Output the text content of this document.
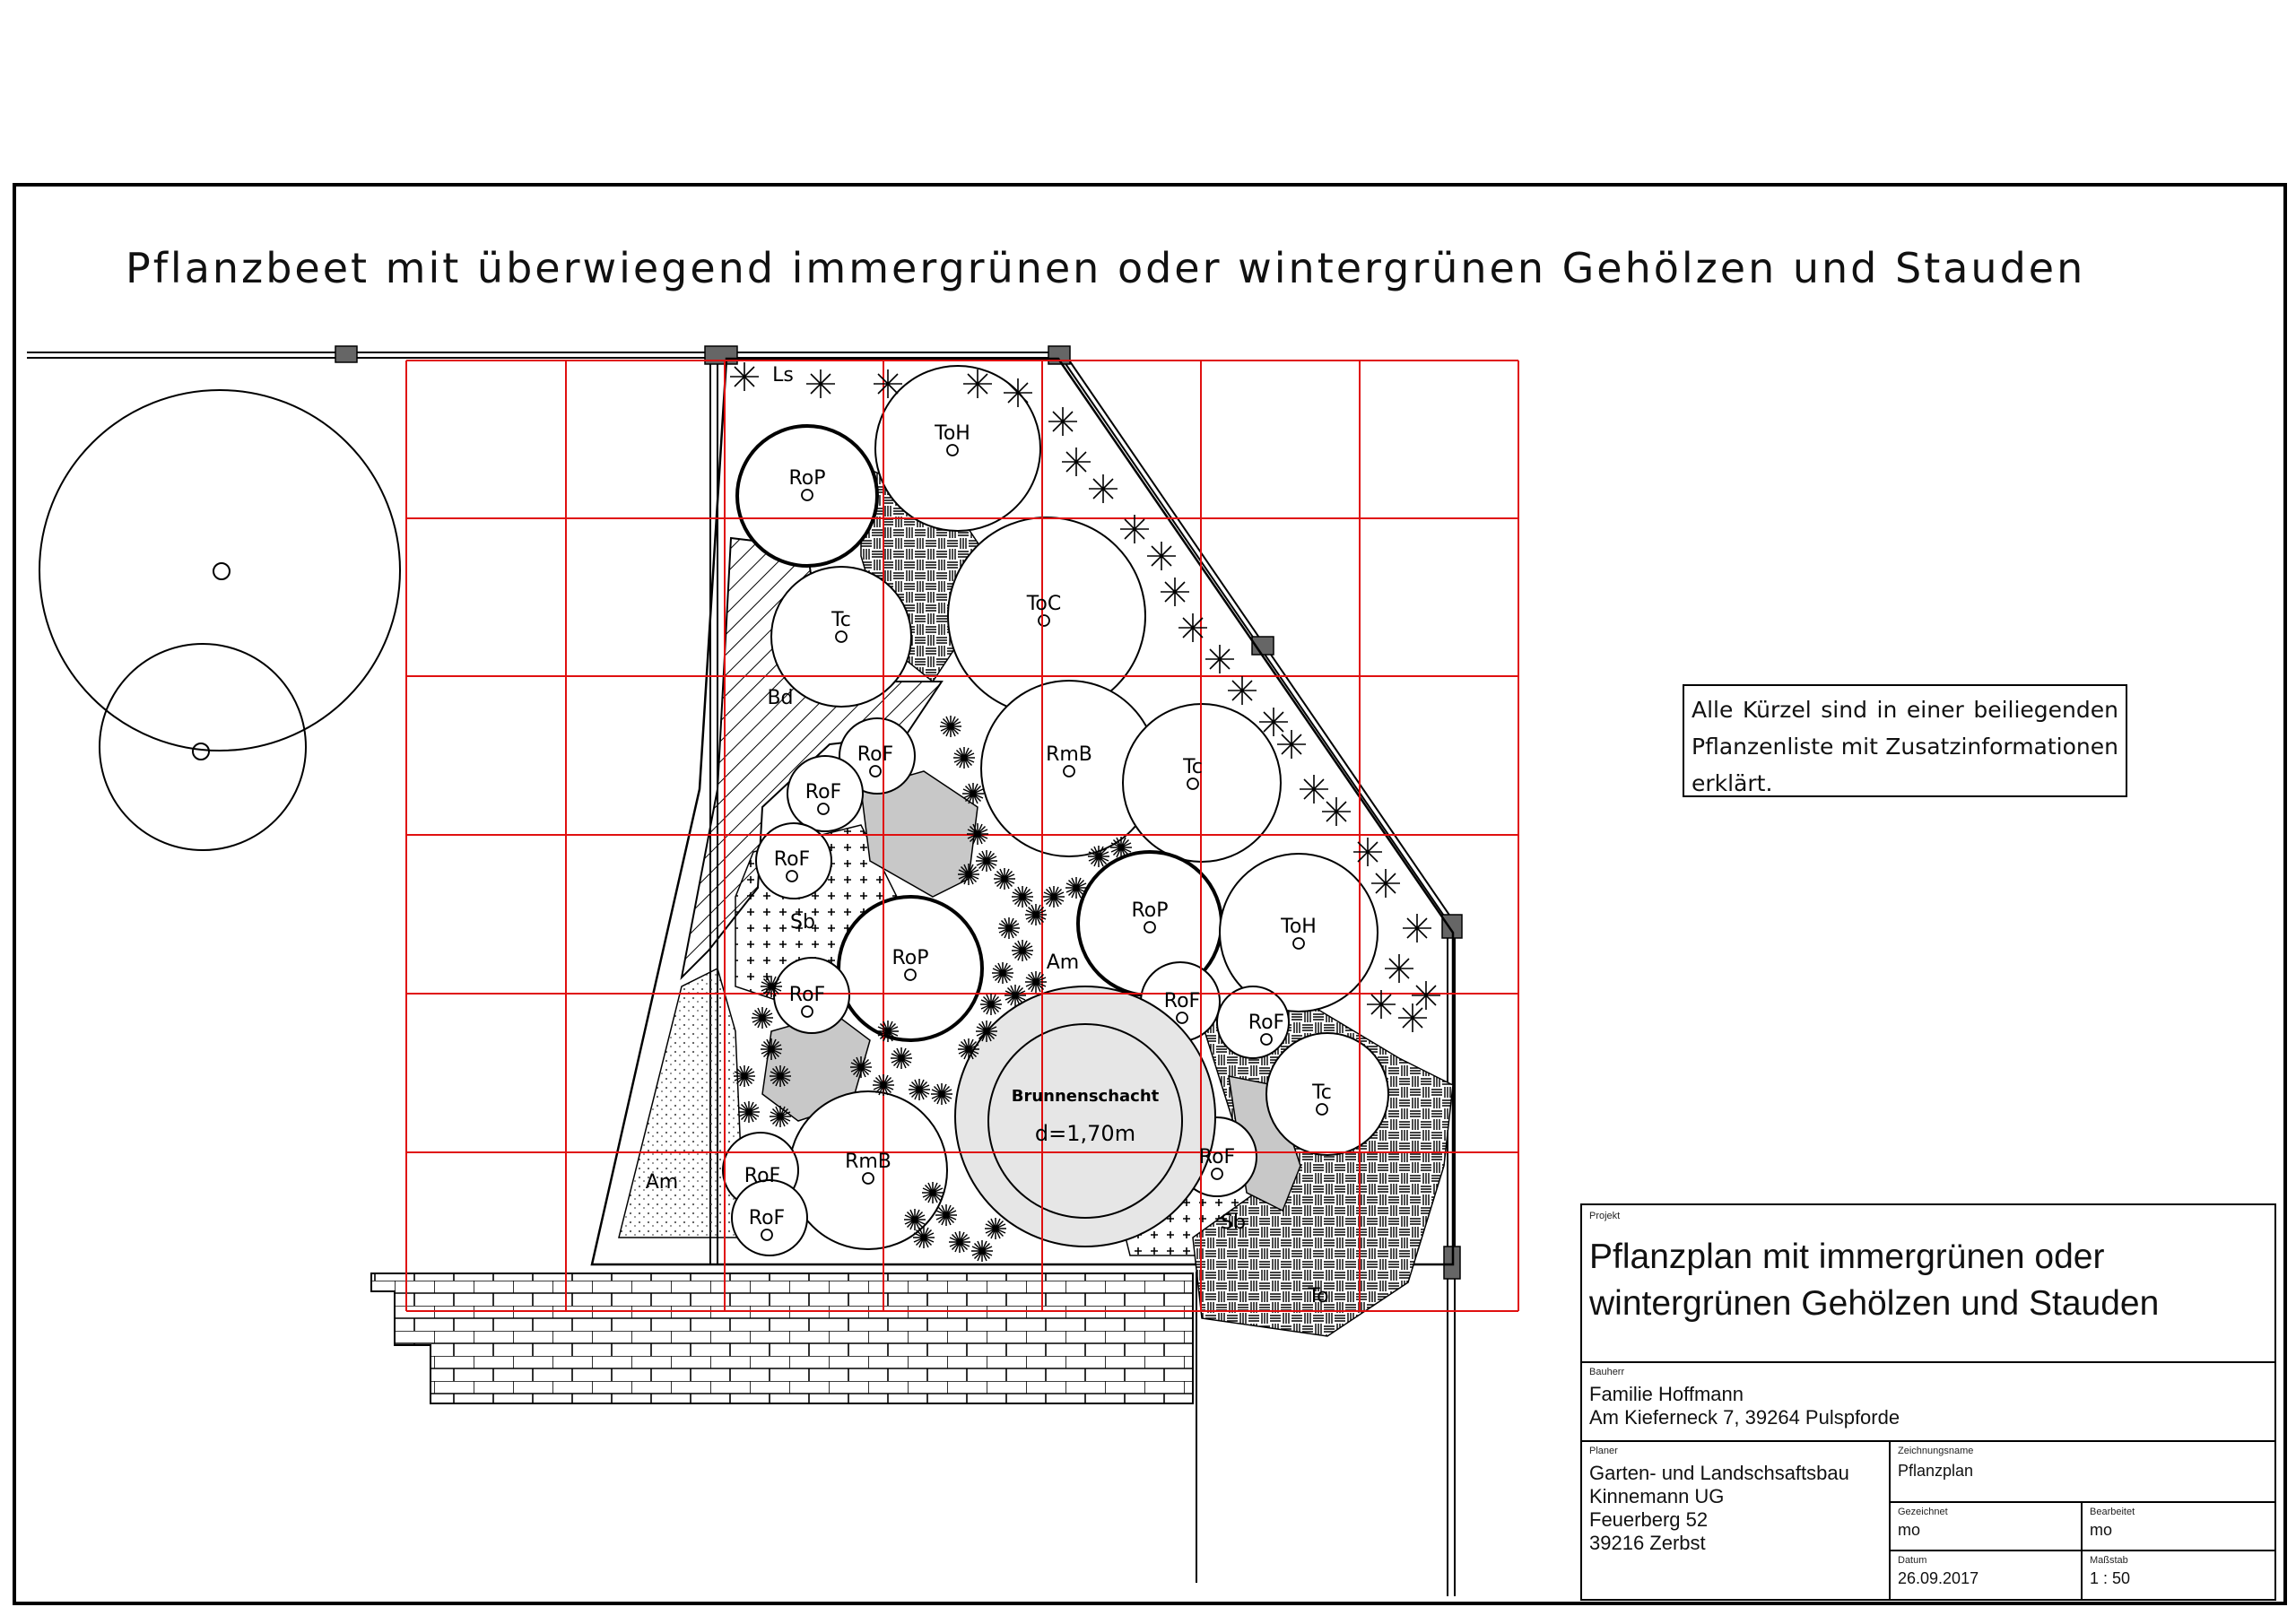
Pflanzbeet mit überwiegend immergrünen oder wintergrünen Gehölzen und Stauden
Ls
RoP
ToH
Tc
ToC
Bd
RoF	RmB
Tc
RoF
RoF
RoP
Sb
RoP	Am
ToH
RoF	RoF
RoF
Tc
RoF
RmB
RoF
RoF	Sb
Am
To
Brunnenschacht
d=1,70m
Alle Kürzel sind in einer beiliegenden Pflanzenliste mit Zusatzinformationen erklärt.
Projekt
Pflanzplan mit immergrünen oder wintergrünen Gehölzen und Stauden
Bauherr
Familie Hoffmann
Am Kieferneck 7, 39264 Pulspforde
Planer
Garten- und Landschsaftsbau
Kinnemann UG
Feuerberg 52
39216 Zerbst
Zeichnungsname
Pflanzplan
Gezeichnet
mo
Bearbeitet
mo
Datum
26.09.2017
Maßstab
1 : 50
